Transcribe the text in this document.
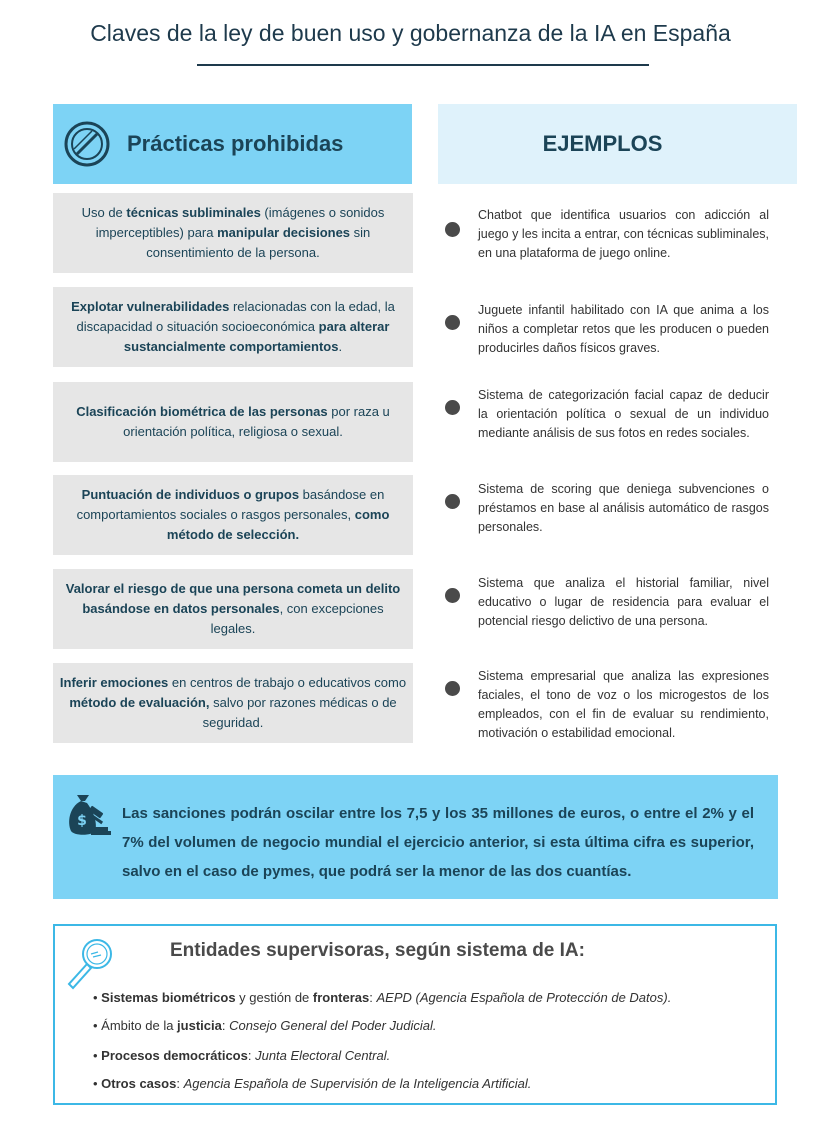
Claves de la ley de buen uso y gobernanza de la IA en España
Prácticas prohibidas	EJEMPLOS
Uso de técnicas subliminales (imágenes o sonidos imperceptibles) para manipular decisiones sin consentimiento de la persona.
Explotar vulnerabilidades relacionadas con la edad, la discapacidad o situación socioeconómica para alterar sustancialmente comportamientos.
Clasificación biométrica de las personas por raza u orientación política, religiosa o sexual.
Puntuación de individuos o grupos basándose en comportamientos sociales o rasgos personales, como método de selección.
Valorar el riesgo de que una persona cometa un delito basándose en datos personales, con excepciones legales.
Inferir emociones en centros de trabajo o educativos como método de evaluación, salvo por razones médicas o de seguridad.
Chatbot que identifica usuarios con adicción al juego y les incita a entrar, con técnicas subliminales, en una plataforma de juego online.
Juguete infantil habilitado con IA que anima a los niños a completar retos que les producen o pueden producirles daños físicos graves.
Sistema de categorización facial capaz de deducir la orientación política o sexual de un individuo mediante análisis de sus fotos en redes sociales.
Sistema de scoring que deniega subvenciones o préstamos en base al análisis automático de rasgos personales.
Sistema que analiza el historial familiar, nivel educativo o lugar de residencia para evaluar el potencial riesgo delictivo de una persona.
Sistema empresarial que analiza las expresiones faciales, el tono de voz o los microgestos de los empleados, con el fin de evaluar su rendimiento, motivación o estabilidad emocional.
$ Las sanciones podrán oscilar entre los 7,5 y los 35 millones de euros, o entre el 2% y el 7% del volumen de negocio mundial el ejercicio anterior, si esta última cifra es superior, salvo en el caso de pymes, que podrá ser la menor de las dos cuantías.
Entidades supervisoras, según sistema de IA:
• Sistemas biométricos y gestión de fronteras: AEPD (Agencia Española de Protección de Datos).
• Ámbito de la justicia: Consejo General del Poder Judicial.
• Procesos democráticos: Junta Electoral Central.
• Otros casos: Agencia Española de Supervisión de la Inteligencia Artificial.
